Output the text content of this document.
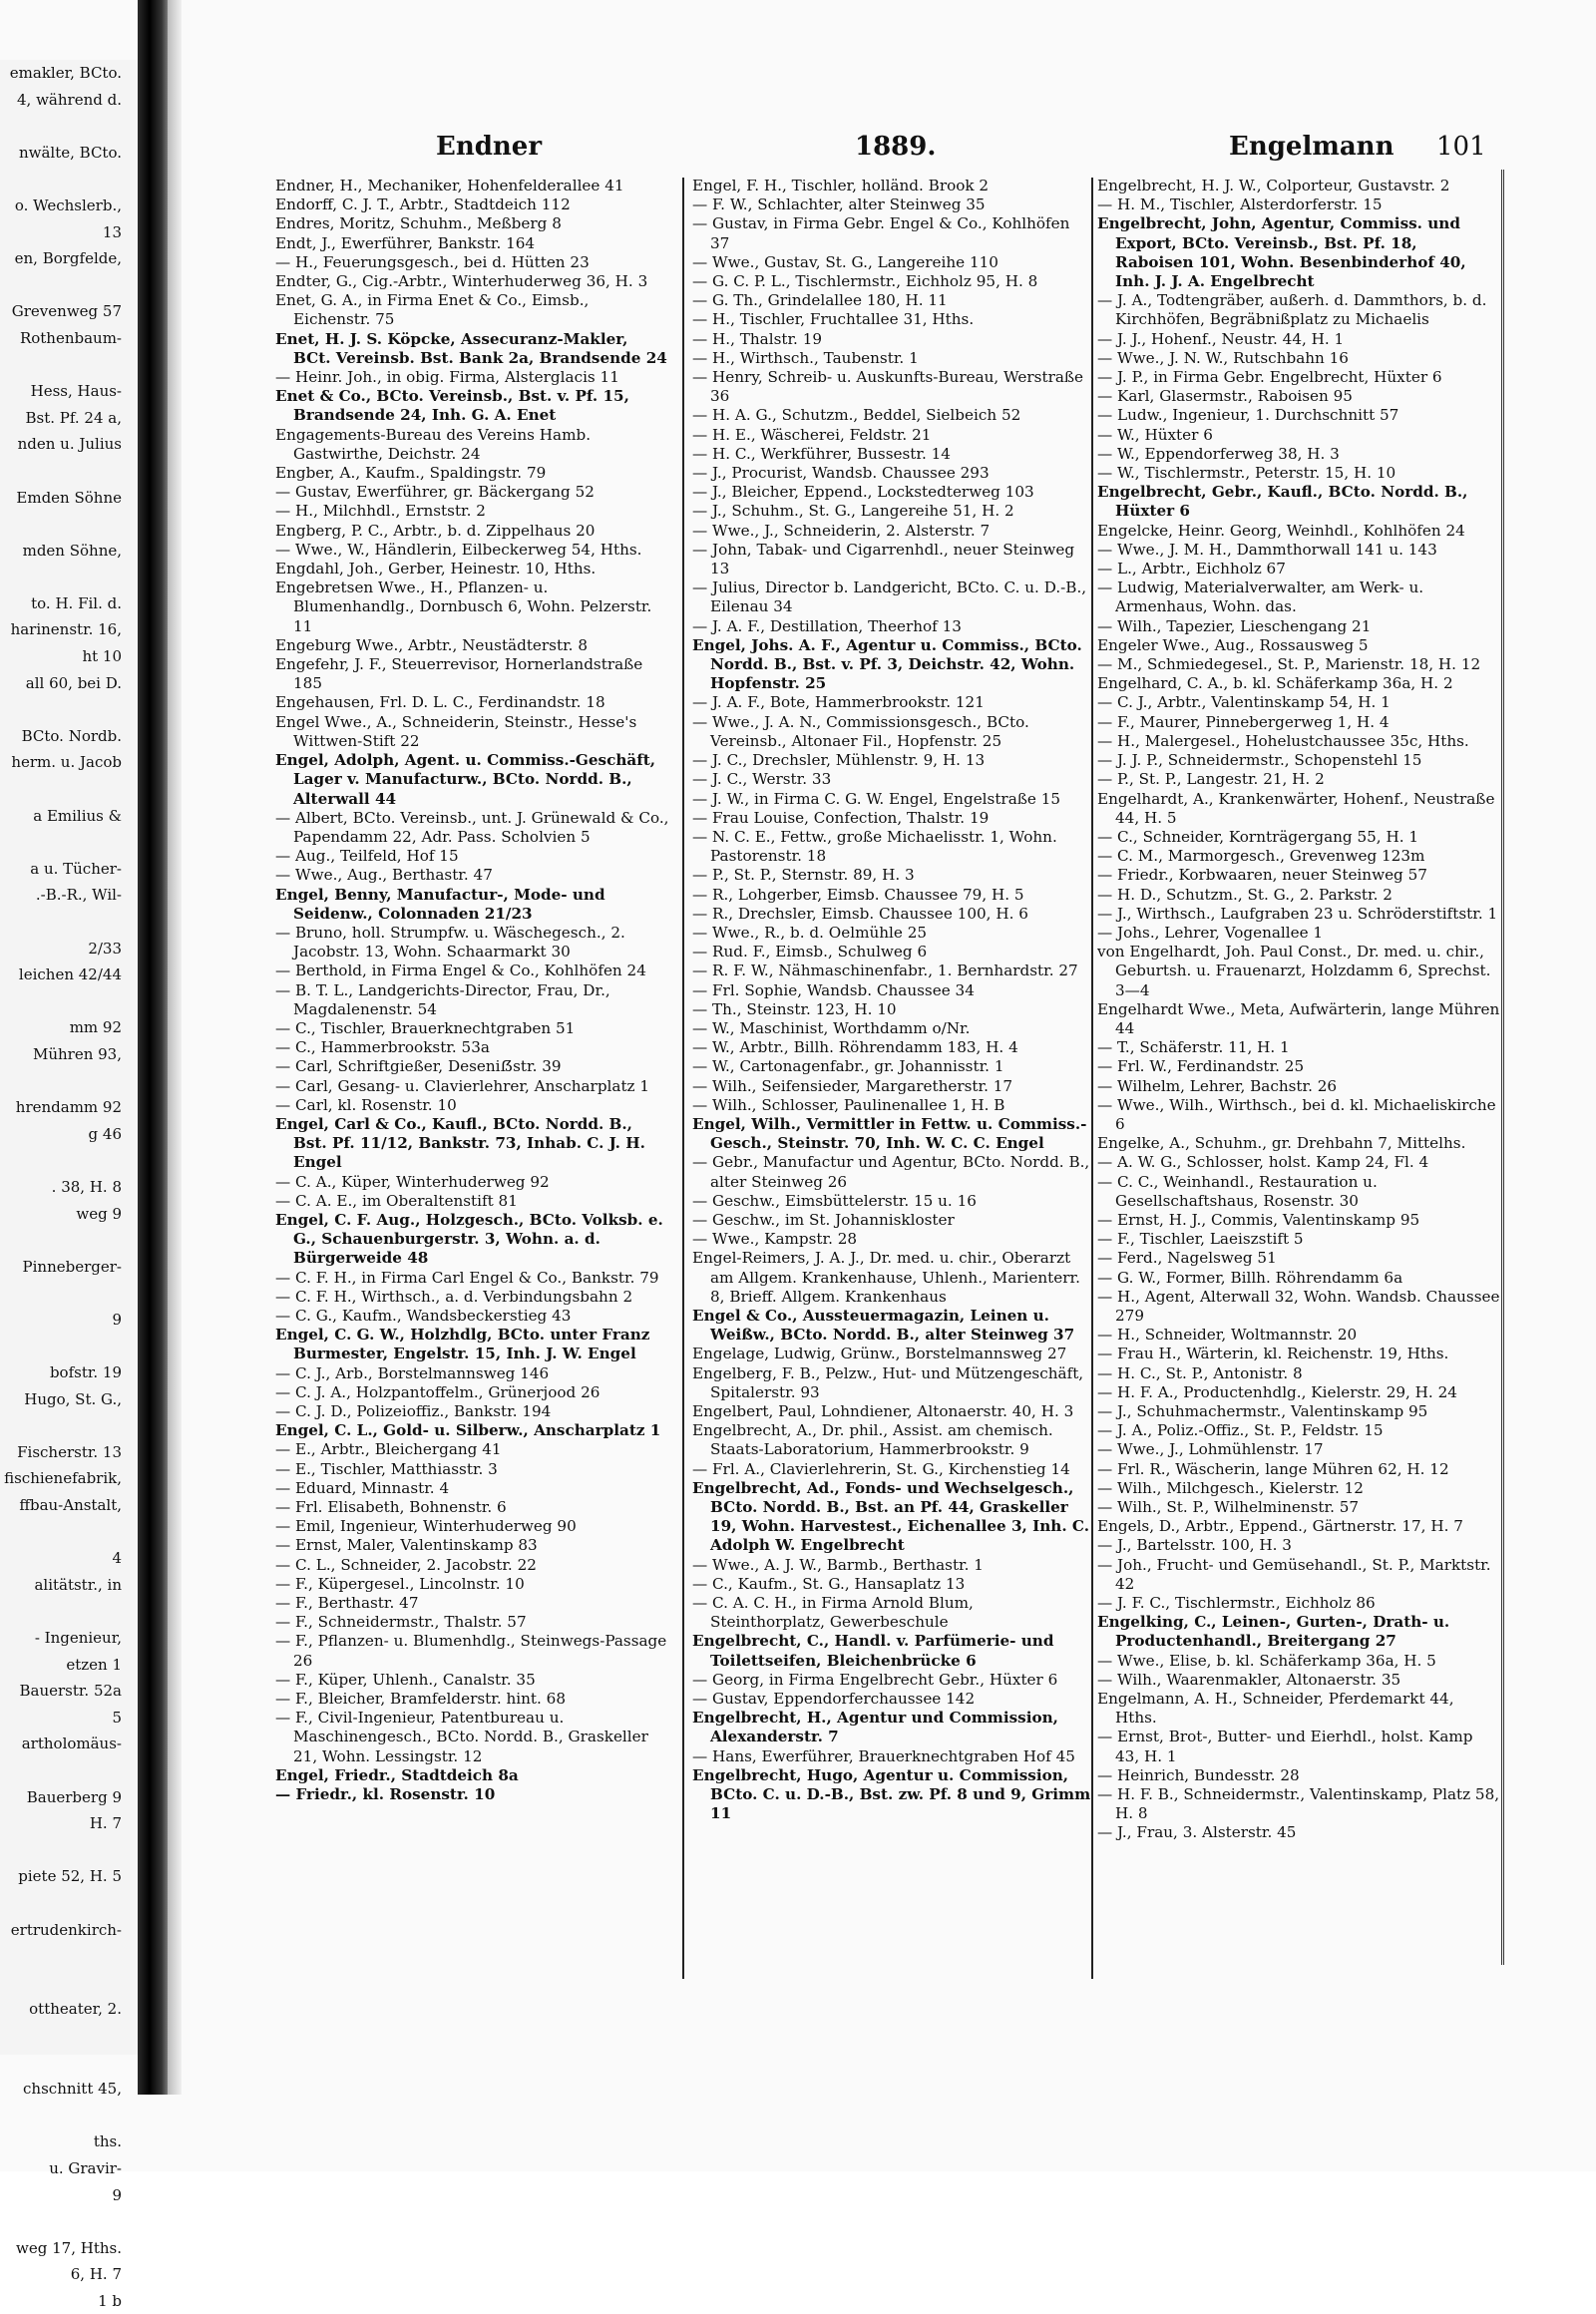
emakler, BCto.
4, während d.

nwälte, BCto.

o. Wechslerb.,
13
en, Borgfelde,

Grevenweg 57
Rothenbaum-

Hess, Haus-
Bst. Pf. 24 a,
nden u. Julius

Emden Söhne

mden Söhne,

to. H. Fil. d.
harinenstr. 16,
ht 10
all 60, bei D.

BCto. Nordb.
herm. u. Jacob

a Emilius &

a u. Tücher-
.-B.-R., Wil-

2/33
leichen 42/44

mm 92
Mühren 93,

hrendamm 92
g 46

. 38, H. 8
weg 9

Pinneberger-

9

bofstr. 19
Hugo, St. G.,

Fischerstr. 13
fischienefabrik,
ffbau-Anstalt,

4
alitätstr., in

- Ingenieur,
etzen 1
Bauerstr. 52a
5
artholomäus-

Bauerberg 9
H. 7

piete 52, H. 5

ertrudenkirch-

ottheater, 2.

chschnitt 45,

ths.
u. Gravir-
9

weg 17, Hths.
6, H. 7
1 b
Endner	1889.	Engelmann 101
Endner, H., Mechaniker, Hohenfelderallee 41
Endorff, C. J. T., Arbtr., Stadtdeich 112
Endres, Moritz, Schuhm., Meßberg 8
Endt, J., Ewerführer, Bankstr. 164
— H., Feuerungsgesch., bei d. Hütten 23
Endter, G., Cig.-Arbtr., Winterhuderweg 36, H. 3
Enet, G. A., in Firma Enet & Co., Eimsb., Eichenstr. 75
Enet, H. J. S. Köpcke, Assecuranz-Makler, BCt. Vereinsb. Bst. Bank 2a, Brandsende 24
— Heinr. Joh., in obig. Firma, Alsterglacis 11
Enet & Co., BCto. Vereinsb., Bst. v. Pf. 15, Brandsende 24, Inh. G. A. Enet
Engagements-Bureau des Vereins Hamb. Gastwirthe, Deichstr. 24
Engber, A., Kaufm., Spaldingstr. 79
— Gustav, Ewerführer, gr. Bäckergang 52
— H., Milchhdl., Ernststr. 2
Engberg, P. C., Arbtr., b. d. Zippelhaus 20
— Wwe., W., Händlerin, Eilbeckerweg 54, Hths.
Engdahl, Joh., Gerber, Heinestr. 10, Hths.
Engebretsen Wwe., H., Pflanzen- u. Blumenhandlg., Dornbusch 6, Wohn. Pelzerstr. 11
Engeburg Wwe., Arbtr., Neustädterstr. 8
Engefehr, J. F., Steuerrevisor, Hornerlandstraße 185
Engehausen, Frl. D. L. C., Ferdinandstr. 18
Engel Wwe., A., Schneiderin, Steinstr., Hesse's Wittwen-Stift 22
Engel, Adolph, Agent. u. Commiss.-Geschäft, Lager v. Manufacturw., BCto. Nordd. B., Alterwall 44
— Albert, BCto. Vereinsb., unt. J. Grünewald & Co., Papendamm 22, Adr. Pass. Scholvien 5
— Aug., Teilfeld, Hof 15
— Wwe., Aug., Berthastr. 47
Engel, Benny, Manufactur-, Mode- und Seidenw., Colonnaden 21/23
— Bruno, holl. Strumpfw. u. Wäschegesch., 2. Jacobstr. 13, Wohn. Schaarmarkt 30
— Berthold, in Firma Engel & Co., Kohlhöfen 24
— B. T. L., Landgerichts-Director, Frau, Dr., Magdalenenstr. 54
— C., Tischler, Brauerknechtgraben 51
— C., Hammerbrookstr. 53a
— Carl, Schriftgießer, Deseniẞstr. 39
— Carl, Gesang- u. Clavierlehrer, Anscharplatz 1
— Carl, kl. Rosenstr. 10
Engel, Carl & Co., Kaufl., BCto. Nordd. B., Bst. Pf. 11/12, Bankstr. 73, Inhab. C. J. H. Engel
— C. A., Küper, Winterhuderweg 92
— C. A. E., im Oberaltenstift 81
Engel, C. F. Aug., Holzgesch., BCto. Volksb. e. G., Schauenburgerstr. 3, Wohn. a. d. Bürgerweide 48
— C. F. H., in Firma Carl Engel & Co., Bankstr. 79
— C. F. H., Wirthsch., a. d. Verbindungsbahn 2
— C. G., Kaufm., Wandsbeckerstieg 43
Engel, C. G. W., Holzhdlg, BCto. unter Franz Burmester, Engelstr. 15, Inh. J. W. Engel
— C. J., Arb., Borstelmannsweg 146
— C. J. A., Holzpantoffelm., Grünerjood 26
— C. J. D., Polizeioffiz., Bankstr. 194
Engel, C. L., Gold- u. Silberw., Anscharplatz 1
— E., Arbtr., Bleichergang 41
— E., Tischler, Matthiasstr. 3
— Eduard, Minnastr. 4
— Frl. Elisabeth, Bohnenstr. 6
— Emil, Ingenieur, Winterhuderweg 90
— Ernst, Maler, Valentinskamp 83
— C. L., Schneider, 2. Jacobstr. 22
— F., Küpergesel., Lincolnstr. 10
— F., Berthastr. 47
— F., Schneidermstr., Thalstr. 57
— F., Pflanzen- u. Blumenhdlg., Steinwegs-Passage 26
— F., Küper, Uhlenh., Canalstr. 35
— F., Bleicher, Bramfelderstr. hint. 68
— F., Civil-Ingenieur, Patentbureau u. Maschinengesch., BCto. Nordd. B., Graskeller 21, Wohn. Lessingstr. 12
Engel, Friedr., Stadtdeich 8a
— Friedr., kl. Rosenstr. 10
Engel, F. H., Tischler, holländ. Brook 2
— F. W., Schlachter, alter Steinweg 35
— Gustav, in Firma Gebr. Engel & Co., Kohlhöfen 37
— Wwe., Gustav, St. G., Langereihe 110
— G. C. P. L., Tischlermstr., Eichholz 95, H. 8
— G. Th., Grindelallee 180, H. 11
— H., Tischler, Fruchtallee 31, Hths.
— H., Thalstr. 19
— H., Wirthsch., Taubenstr. 1
— Henry, Schreib- u. Auskunfts-Bureau, Werstraße 36
— H. A. G., Schutzm., Beddel, Sielbeich 52
— H. E., Wäscherei, Feldstr. 21
— H. C., Werkführer, Bussestr. 14
— J., Procurist, Wandsb. Chaussee 293
— J., Bleicher, Eppend., Lockstedterweg 103
— J., Schuhm., St. G., Langereihe 51, H. 2
— Wwe., J., Schneiderin, 2. Alsterstr. 7
— John, Tabak- und Cigarrenhdl., neuer Steinweg 13
— Julius, Director b. Landgericht, BCto. C. u. D.-B., Eilenau 34
— J. A. F., Destillation, Theerhof 13
Engel, Johs. A. F., Agentur u. Commiss., BCto. Nordd. B., Bst. v. Pf. 3, Deichstr. 42, Wohn. Hopfenstr. 25
— J. A. F., Bote, Hammerbrookstr. 121
— Wwe., J. A. N., Commissionsgesch., BCto. Vereinsb., Altonaer Fil., Hopfenstr. 25
— J. C., Drechsler, Mühlenstr. 9, H. 13
— J. C., Werstr. 33
— J. W., in Firma C. G. W. Engel, Engelstraße 15
— Frau Louise, Confection, Thalstr. 19
— N. C. E., Fettw., große Michaelisstr. 1, Wohn. Pastorenstr. 18
— P., St. P., Sternstr. 89, H. 3
— R., Lohgerber, Eimsb. Chaussee 79, H. 5
— R., Drechsler, Eimsb. Chaussee 100, H. 6
— Wwe., R., b. d. Oelmühle 25
— Rud. F., Eimsb., Schulweg 6
— R. F. W., Nähmaschinenfabr., 1. Bernhardstr. 27
— Frl. Sophie, Wandsb. Chaussee 34
— Th., Steinstr. 123, H. 10
— W., Maschinist, Worthdamm o/Nr.
— W., Arbtr., Billh. Röhrendamm 183, H. 4
— W., Cartonagenfabr., gr. Johannisstr. 1
— Wilh., Seifensieder, Margaretherstr. 17
— Wilh., Schlosser, Paulinenallee 1, H. B
Engel, Wilh., Vermittler in Fettw. u. Commiss.-Gesch., Steinstr. 70, Inh. W. C. C. Engel
— Gebr., Manufactur und Agentur, BCto. Nordd. B., alter Steinweg 26
— Geschw., Eimsbüttelerstr. 15 u. 16
— Geschw., im St. Johanniskloster
— Wwe., Kampstr. 28
Engel-Reimers, J. A. J., Dr. med. u. chir., Oberarzt am Allgem. Krankenhause, Uhlenh., Marienterr. 8, Brieff. Allgem. Krankenhaus
Engel & Co., Aussteuermagazin, Leinen u. Weißw., BCto. Nordd. B., alter Steinweg 37
Engelage, Ludwig, Grünw., Borstelmannsweg 27
Engelberg, F. B., Pelzw., Hut- und Mützengeschäft, Spitalerstr. 93
Engelbert, Paul, Lohndiener, Altonaerstr. 40, H. 3
Engelbrecht, A., Dr. phil., Assist. am chemisch. Staats-Laboratorium, Hammerbrookstr. 9
— Frl. A., Clavierlehrerin, St. G., Kirchenstieg 14
Engelbrecht, Ad., Fonds- und Wechselgesch., BCto. Nordd. B., Bst. an Pf. 44, Graskeller 19, Wohn. Harvestest., Eichenallee 3, Inh. C. Adolph W. Engelbrecht
— Wwe., A. J. W., Barmb., Berthastr. 1
— C., Kaufm., St. G., Hansaplatz 13
— C. A. C. H., in Firma Arnold Blum, Steinthorplatz, Gewerbeschule
Engelbrecht, C., Handl. v. Parfümerie- und Toilettseifen, Bleichenbrücke 6
— Georg, in Firma Engelbrecht Gebr., Hüxter 6
— Gustav, Eppendorferchaussee 142
Engelbrecht, H., Agentur und Commission, Alexanderstr. 7
— Hans, Ewerführer, Brauerknechtgraben Hof 45
Engelbrecht, Hugo, Agentur u. Commission, BCto. C. u. D.-B., Bst. zw. Pf. 8 und 9, Grimm 11
Engelbrecht, H. J. W., Colporteur, Gustavstr. 2
— H. M., Tischler, Alsterdorferstr. 15
Engelbrecht, John, Agentur, Commiss. und Export, BCto. Vereinsb., Bst. Pf. 18, Raboisen 101, Wohn. Besenbinderhof 40, Inh. J. J. A. Engelbrecht
— J. A., Todtengräber, außerh. d. Dammthors, b. d. Kirchhöfen, Begräbnißplatz zu Michaelis
— J. J., Hohenf., Neustr. 44, H. 1
— Wwe., J. N. W., Rutschbahn 16
— J. P., in Firma Gebr. Engelbrecht, Hüxter 6
— Karl, Glasermstr., Raboisen 95
— Ludw., Ingenieur, 1. Durchschnitt 57
— W., Hüxter 6
— W., Eppendorferweg 38, H. 3
— W., Tischlermstr., Peterstr. 15, H. 10
Engelbrecht, Gebr., Kaufl., BCto. Nordd. B., Hüxter 6
Engelcke, Heinr. Georg, Weinhdl., Kohlhöfen 24
— Wwe., J. M. H., Dammthorwall 141 u. 143
— L., Arbtr., Eichholz 67
— Ludwig, Materialverwalter, am Werk- u. Armenhaus, Wohn. das.
— Wilh., Tapezier, Lieschengang 21
Engeler Wwe., Aug., Rossausweg 5
— M., Schmiedegesel., St. P., Marienstr. 18, H. 12
Engelhard, C. A., b. kl. Schäferkamp 36a, H. 2
— C. J., Arbtr., Valentinskamp 54, H. 1
— F., Maurer, Pinnebergerweg 1, H. 4
— H., Malergesel., Hohelustchaussee 35c, Hths.
— J. J. P., Schneidermstr., Schopenstehl 15
— P., St. P., Langestr. 21, H. 2
Engelhardt, A., Krankenwärter, Hohenf., Neustraße 44, H. 5
— C., Schneider, Kornträgergang 55, H. 1
— C. M., Marmorgesch., Grevenweg 123m
— Friedr., Korbwaaren, neuer Steinweg 57
— H. D., Schutzm., St. G., 2. Parkstr. 2
— J., Wirthsch., Laufgraben 23 u. Schröderstiftstr. 1
— Johs., Lehrer, Vogenallee 1
von Engelhardt, Joh. Paul Const., Dr. med. u. chir., Geburtsh. u. Frauenarzt, Holzdamm 6, Sprechst. 3—4
Engelhardt Wwe., Meta, Aufwärterin, lange Mühren 44
— T., Schäferstr. 11, H. 1
— Frl. W., Ferdinandstr. 25
— Wilhelm, Lehrer, Bachstr. 26
— Wwe., Wilh., Wirthsch., bei d. kl. Michaeliskirche 6
Engelke, A., Schuhm., gr. Drehbahn 7, Mittelhs.
— A. W. G., Schlosser, holst. Kamp 24, Fl. 4
— C. C., Weinhandl., Restauration u. Gesellschaftshaus, Rosenstr. 30
— Ernst, H. J., Commis, Valentinskamp 95
— F., Tischler, Laeiszstift 5
— Ferd., Nagelsweg 51
— G. W., Former, Billh. Röhrendamm 6a
— H., Agent, Alterwall 32, Wohn. Wandsb. Chaussee 279
— H., Schneider, Woltmannstr. 20
— Frau H., Wärterin, kl. Reichenstr. 19, Hths.
— H. C., St. P., Antonistr. 8
— H. F. A., Productenhdlg., Kielerstr. 29, H. 24
— J., Schuhmachermstr., Valentinskamp 95
— J. A., Poliz.-Offiz., St. P., Feldstr. 15
— Wwe., J., Lohmühlenstr. 17
— Frl. R., Wäscherin, lange Mühren 62, H. 12
— Wilh., Milchgesch., Kielerstr. 12
— Wilh., St. P., Wilhelminenstr. 57
Engels, D., Arbtr., Eppend., Gärtnerstr. 17, H. 7
— J., Bartelsstr. 100, H. 3
— Joh., Frucht- und Gemüsehandl., St. P., Marktstr. 42
— J. F. C., Tischlermstr., Eichholz 86
Engelking, C., Leinen-, Gurten-, Drath- u. Productenhandl., Breitergang 27
— Wwe., Elise, b. kl. Schäferkamp 36a, H. 5
— Wilh., Waarenmakler, Altonaerstr. 35
Engelmann, A. H., Schneider, Pferdemarkt 44, Hths.
— Ernst, Brot-, Butter- und Eierhdl., holst. Kamp 43, H. 1
— Heinrich, Bundesstr. 28
— H. F. B., Schneidermstr., Valentinskamp, Platz 58, H. 8
— J., Frau, 3. Alsterstr. 45
